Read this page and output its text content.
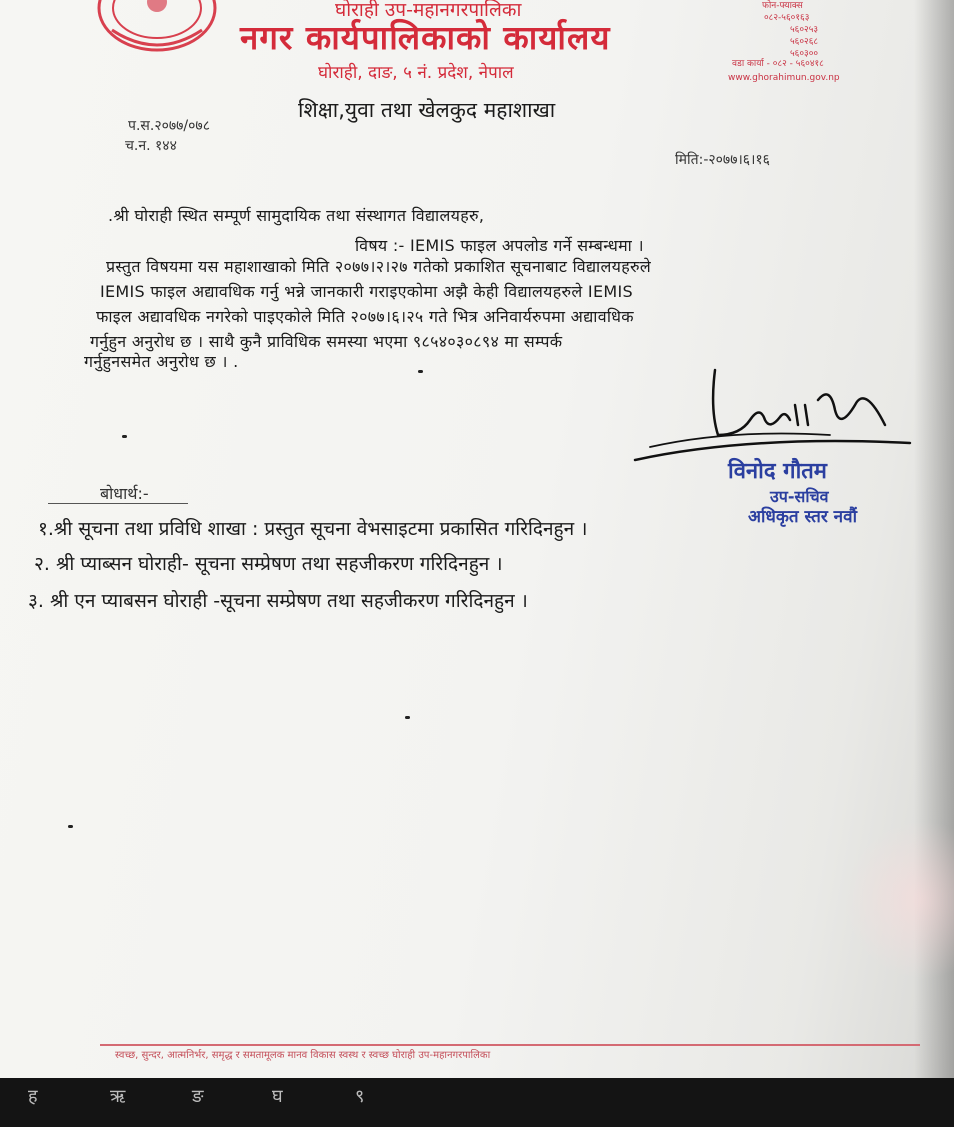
घोराही उप-महानगरपालिका
नगर कार्यपालिकाको कार्यालय
घोराही, दाङ, ५ नं. प्रदेश, नेपाल
फोन-फ्याक्स
०८२-५६०१६३
५६०२५३
५६०२६८
५६०३००
वडा कार्या - ०८२ - ५६०४१८
www.ghorahimun.gov.np
शिक्षा,युवा तथा खेलकुद महाशाखा
प.स.२०७७/०७८
च.न. १४४
मिति:-२०७७।६।१६
.श्री घोराही स्थित सम्पूर्ण सामुदायिक तथा संस्थागत विद्यालयहरु,
विषय :- IEMIS फाइल अपलोड गर्ने सम्बन्धमा ।
प्रस्तुत विषयमा यस महाशाखाको मिति २०७७।२।२७ गतेको प्रकाशित सूचनाबाट विद्यालयहरुले
IEMIS फाइल अद्यावधिक गर्नु भन्ने जानकारी गराइएकोमा अझै केही विद्यालयहरुले IEMIS
फाइल अद्यावधिक नगरेको पाइएकोले मिति २०७७।६।२५ गते भित्र अनिवार्यरुपमा अद्यावधिक
गर्नुहुन अनुरोध छ । साथै कुनै प्राविधिक समस्या भएमा ९८५४०३०८९४ मा सम्पर्क
गर्नुहुनसमेत अनुरोध छ । .
विनोद गौतम
उप-सचिव
अधिकृत स्तर नवौं
बोधार्थ:-
१.श्री सूचना तथा प्रविधि शाखा : प्रस्तुत सूचना वेभसाइटमा प्रकासित गरिदिनहुन ।
२. श्री प्याब्सन घोराही- सूचना सम्प्रेषण तथा सहजीकरण गरिदिनहुन ।
३. श्री एन प्याबसन घोराही -सूचना सम्प्रेषण तथा सहजीकरण गरिदिनहुन ।
स्वच्छ, सुन्दर, आत्मनिर्भर, समृद्ध र समतामूलक मानव विकास स्वस्थ र स्वच्छ घोराही उप-महानगरपालिका
ह	ऋ	ङ	घ	९
